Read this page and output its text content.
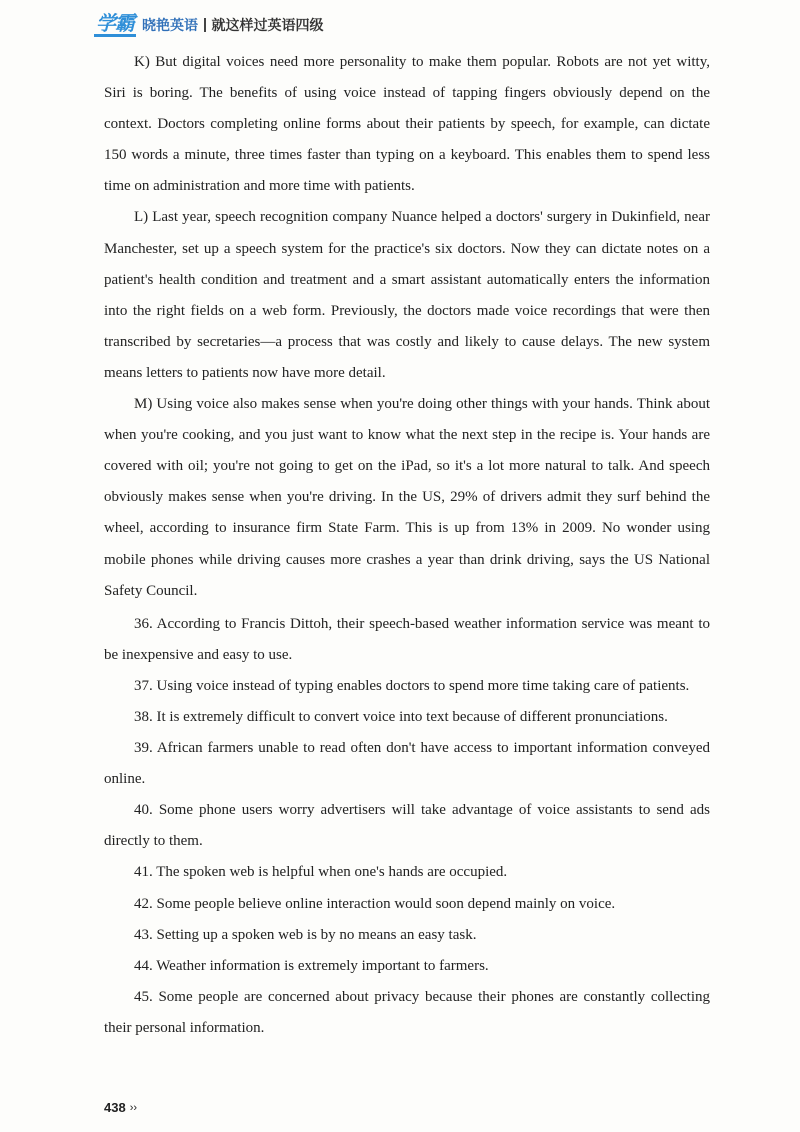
学霸 晓艳英语 就这样过英语四级

K) But digital voices need more personality to make them popular. Robots are not yet witty, Siri is boring. The benefits of using voice instead of tapping fingers obviously depend on the context. Doctors completing online forms about their patients by speech, for example, can dictate 150 words a minute, three times faster than typing on a keyboard. This enables them to spend less time on administration and more time with patients.

L) Last year, speech recognition company Nuance helped a doctors' surgery in Dukinfield, near Manchester, set up a speech system for the practice's six doctors. Now they can dictate notes on a patient's health condition and treatment and a smart assistant automatically enters the information into the right fields on a web form. Previously, the doctors made voice recordings that were then transcribed by secretaries—a process that was costly and likely to cause delays. The new system means letters to patients now have more detail.

M) Using voice also makes sense when you're doing other things with your hands. Think about when you're cooking, and you just want to know what the next step in the recipe is. Your hands are covered with oil; you're not going to get on the iPad, so it's a lot more natural to talk. And speech obviously makes sense when you're driving. In the US, 29% of drivers admit they surf behind the wheel, according to insurance firm State Farm. This is up from 13% in 2009. No wonder using mobile phones while driving causes more crashes a year than drink driving, says the US National Safety Council.

36. According to Francis Dittoh, their speech-based weather information service was meant to be inexpensive and easy to use.

37. Using voice instead of typing enables doctors to spend more time taking care of patients.

38. It is extremely difficult to convert voice into text because of different pronunciations.

39. African farmers unable to read often don't have access to important information conveyed online.

40. Some phone users worry advertisers will take advantage of voice assistants to send ads directly to them.

41. The spoken web is helpful when one's hands are occupied.

42. Some people believe online interaction would soon depend mainly on voice.

43. Setting up a spoken web is by no means an easy task.

44. Weather information is extremely important to farmers.

45. Some people are concerned about privacy because their phones are constantly collecting their personal information.

438 ››
